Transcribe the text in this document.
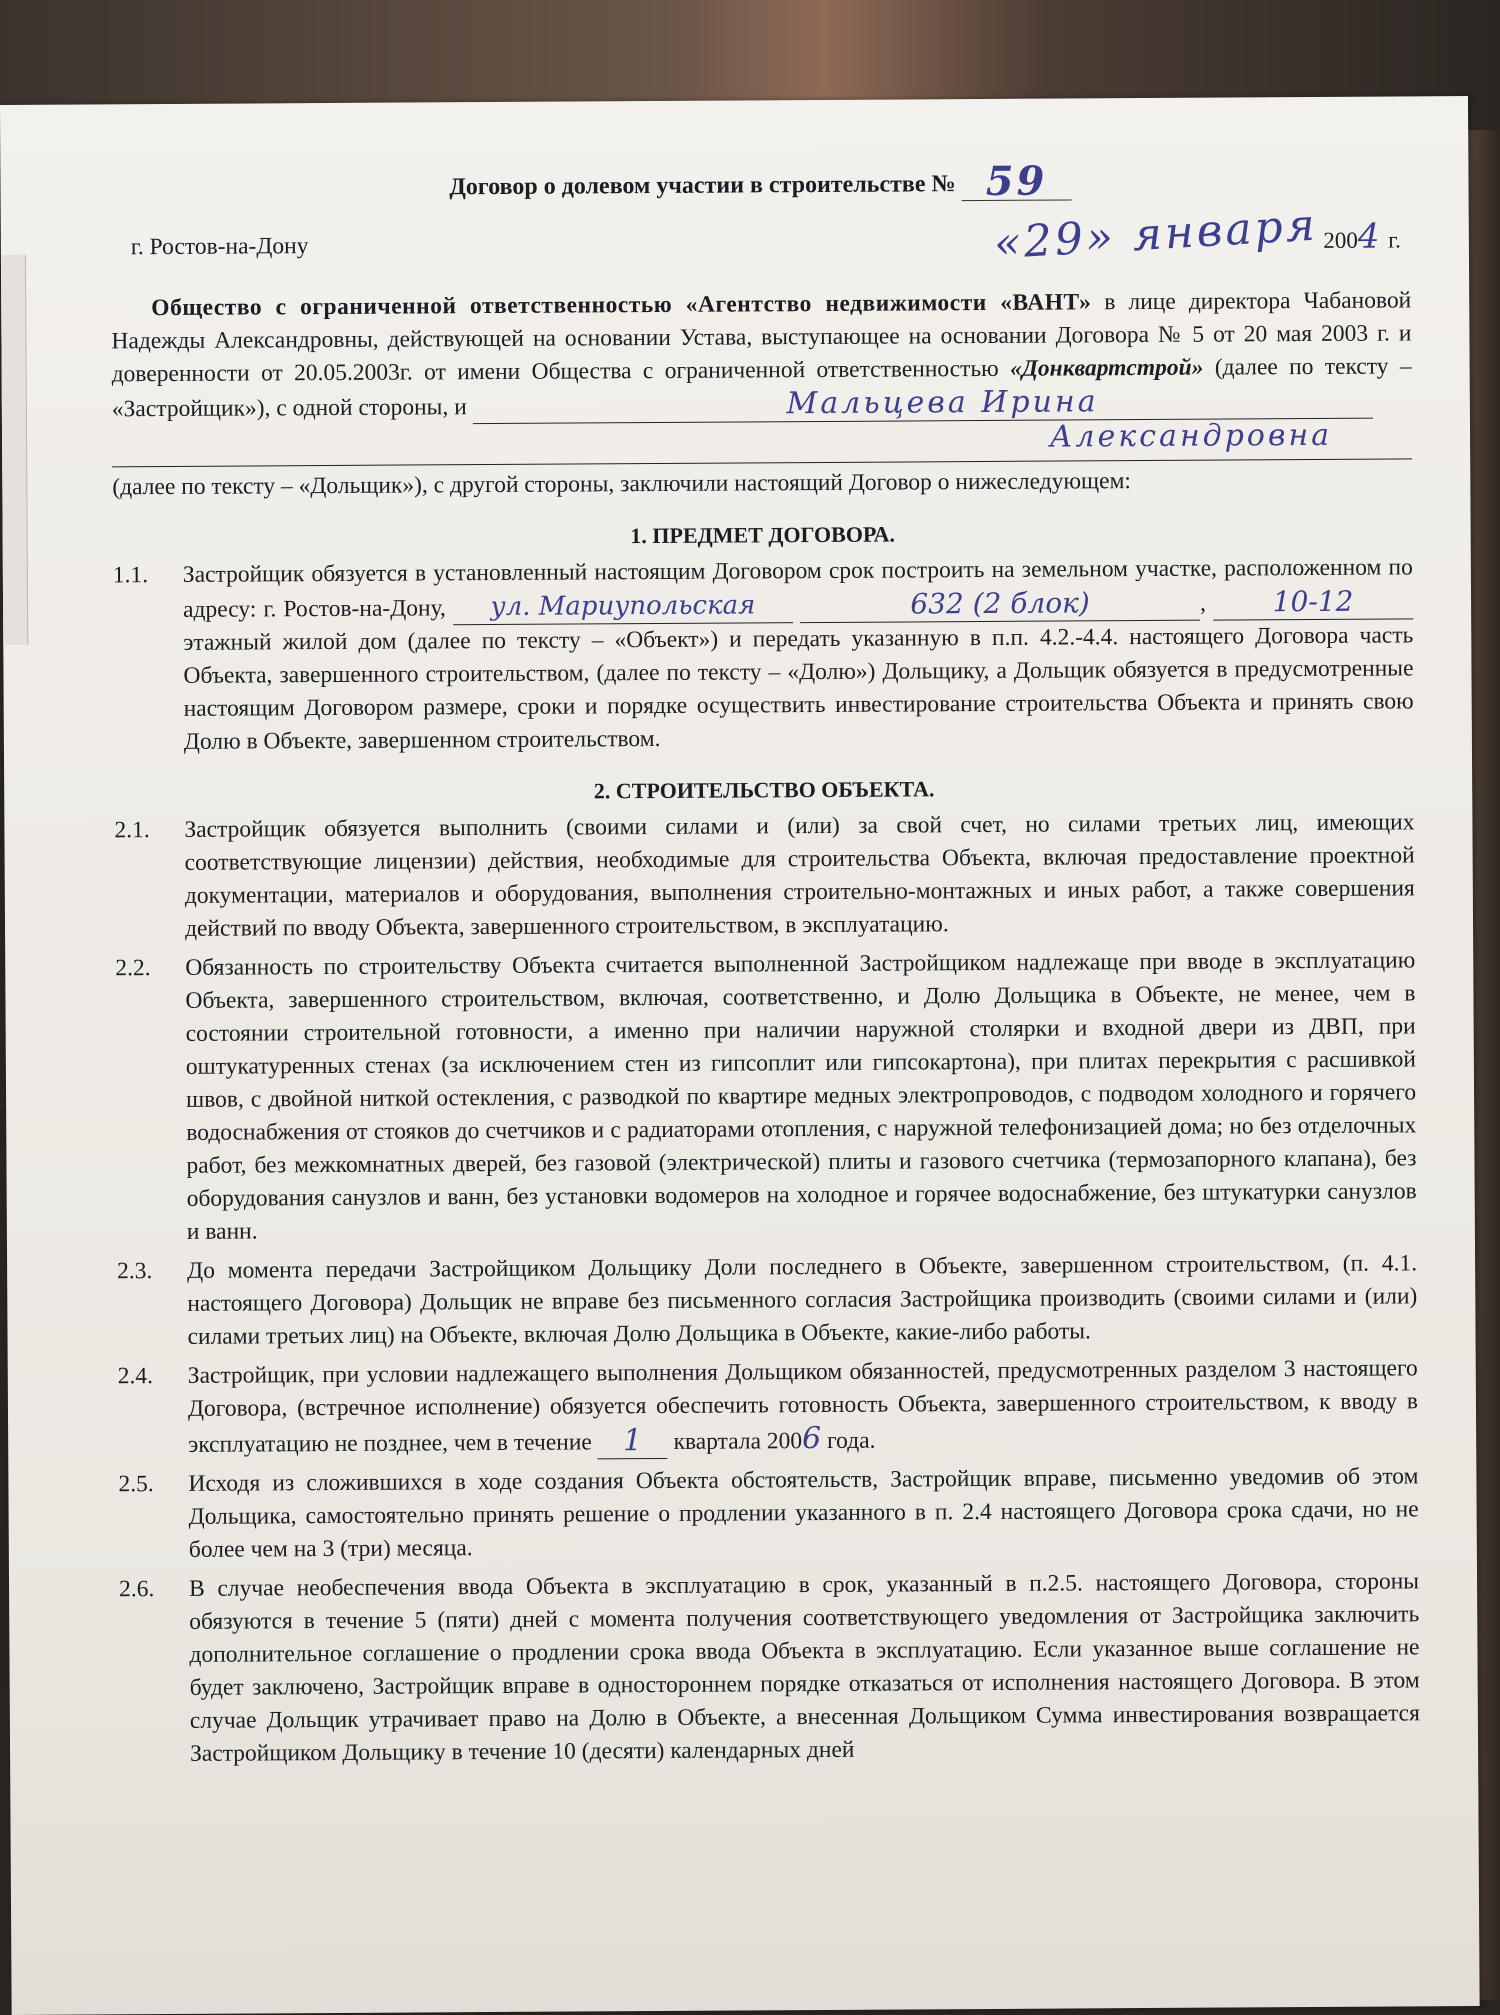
Договор о долевом участии в строительстве № 59
г. Ростов-на-Дону	«29» января 2004 г.

Общество с ограниченной ответственностью «Агентство недвижимости «ВАНТ» в лице директора Чабановой Надежды Александровны, действующей на основании Устава, выступающее на основании Договора № 5 от 20 мая 2003 г. и доверенности от 20.05.2003г. от имени Общества с ограниченной ответственностью «Донквартстрой» (далее по тексту – «Застройщик»), с одной стороны, и	Мальцева Ирина

Александровна

(далее по тексту – «Дольщик»), с другой стороны, заключили настоящий Договор о нижеследующем:

1. ПРЕДМЕТ ДОГОВОРА.
1.1.	Застройщик обязуется в установленный настоящим Договором срок построить на земельном участке, расположенном по адресу: г. Ростов-на-Дону, ул. Мариупольская	632 (2 блок)	, 10-12 этажный жилой дом (далее по тексту – «Объект») и передать указанную в п.п. 4.2.-4.4. настоящего Договора часть Объекта, завершенного строительством, (далее по тексту – «Долю») Дольщику, а Дольщик обязуется в предусмотренные настоящим Договором размере, сроки и порядке осуществить инвестирование строительства Объекта и принять свою Долю в Объекте, завершенном строительством.
2. СТРОИТЕЛЬСТВО ОБЪЕКТА.
2.1.	Застройщик обязуется выполнить (своими силами и (или) за свой счет, но силами третьих лиц, имеющих соответствующие лицензии) действия, необходимые для строительства Объекта, включая предоставление проектной документации, материалов и оборудования, выполнения строительно-монтажных и иных работ, а также совершения действий по вводу Объекта, завершенного строительством, в эксплуатацию.
2.2.	Обязанность по строительству Объекта считается выполненной Застройщиком надлежаще при вводе в эксплуатацию Объекта, завершенного строительством, включая, соответственно, и Долю Дольщика в Объекте, не менее, чем в состоянии строительной готовности, а именно при наличии наружной столярки и входной двери из ДВП, при оштукатуренных стенах (за исключением стен из гипсоплит или гипсокартона), при плитах перекрытия с расшивкой швов, с двойной ниткой остекления, с разводкой по квартире медных электропроводов, с подводом холодного и горячего водоснабжения от стояков до счетчиков и с радиаторами отопления, с наружной телефонизацией дома; но без отделочных работ, без межкомнатных дверей, без газовой (электрической) плиты и газового счетчика (термозапорного клапана), без оборудования санузлов и ванн, без установки водомеров на холодное и горячее водоснабжение, без штукатурки санузлов и ванн.
2.3.	До момента передачи Застройщиком Дольщику Доли последнего в Объекте, завершенном строительством, (п. 4.1. настоящего Договора) Дольщик не вправе без письменного согласия Застройщика производить (своими силами и (или) силами третьих лиц) на Объекте, включая Долю Дольщика в Объекте, какие-либо работы.
2.4.	Застройщик, при условии надлежащего выполнения Дольщиком обязанностей, предусмотренных разделом 3 настоящего Договора, (встречное исполнение) обязуется обеспечить готовность Объекта, завершенного строительством, к вводу в эксплуатацию не позднее, чем в течение 1 квартала 2006 года.
2.5.	Исходя из сложившихся в ходе создания Объекта обстоятельств, Застройщик вправе, письменно уведомив об этом Дольщика, самостоятельно принять решение о продлении указанного в п. 2.4 настоящего Договора срока сдачи, но не более чем на 3 (три) месяца.
2.6.	В случае необеспечения ввода Объекта в эксплуатацию в срок, указанный в п.2.5. настоящего Договора, стороны обязуются в течение 5 (пяти) дней с момента получения соответствующего уведомления от Застройщика заключить дополнительное соглашение о продлении срока ввода Объекта в эксплуатацию. Если указанное выше соглашение не будет заключено, Застройщик вправе в одностороннем порядке отказаться от исполнения настоящего Договора. В этом случае Дольщик утрачивает право на Долю в Объекте, а внесенная Дольщиком Сумма инвестирования возвращается Застройщиком Дольщику в течение 10 (десяти) календарных дней
